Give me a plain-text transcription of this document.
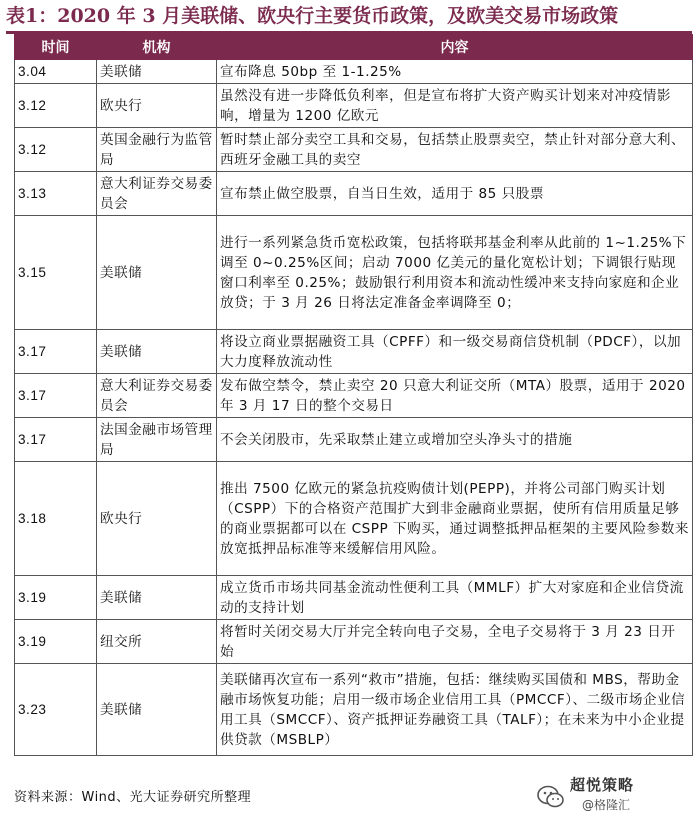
表1：2020 年 3 月美联储、欧央行主要货币政策，及欧美交易市场政策
时间	机构	内容
3.04	美联储	宣布降息 50bp 至 1-1.25%
3.12	欧央行	虽然没有进一步降低负利率，但是宣布将扩大资产购买计划来对冲疫情影响，增量为 1200 亿欧元
3.12	英国金融行为监管局	暂时禁止部分卖空工具和交易，包括禁止股票卖空，禁止针对部分意大利、西班牙金融工具的卖空
3.13	意大利证券交易委员会	宣布禁止做空股票，自当日生效，适用于 85 只股票
3.15	美联储	进行一系列紧急货币宽松政策，包括将联邦基金利率从此前的 1~1.25%下调至 0~0.25%区间；启动 7000 亿美元的量化宽松计划；下调银行贴现窗口利率至 0.25%；鼓励银行利用资本和流动性缓冲来支持向家庭和企业放贷；于 3 月 26 日将法定准备金率调降至 0；
3.17	美联储	将设立商业票据融资工具（CPFF）和一级交易商信贷机制（PDCF），以加大力度释放流动性
3.17	意大利证券交易委员会	发布做空禁令，禁止卖空 20 只意大利证交所（MTA）股票，适用于 2020 年 3 月 17 日的整个交易日
3.17	法国金融市场管理局	不会关闭股市，先采取禁止建立或增加空头净头寸的措施
3.18	欧央行	推出 7500 亿欧元的紧急抗疫购债计划(PEPP)，并将公司部门购买计划（CSPP）下的合格资产范围扩大到非金融商业票据，使所有信用质量足够的商业票据都可以在 CSPP 下购买，通过调整抵押品框架的主要风险参数来放宽抵押品标准等来缓解信用风险。
3.19	美联储	成立货币市场共同基金流动性便利工具（MMLF）扩大对家庭和企业信贷流动的支持计划
3.19	纽交所	将暂时关闭交易大厅并完全转向电子交易，全电子交易将于 3 月 23 日开始
3.23	美联储	美联储再次宣布一系列“救市”措施，包括：继续购买国债和 MBS，帮助金融市场恢复功能；启用一级市场企业信用工具（PMCCF）、二级市场企业信用工具（SMCCF）、资产抵押证券融资工具（TALF）；在未来为中小企业提供贷款（MSBLP）
资料来源：Wind、光大证券研究所整理
超悦策略
@格隆汇
